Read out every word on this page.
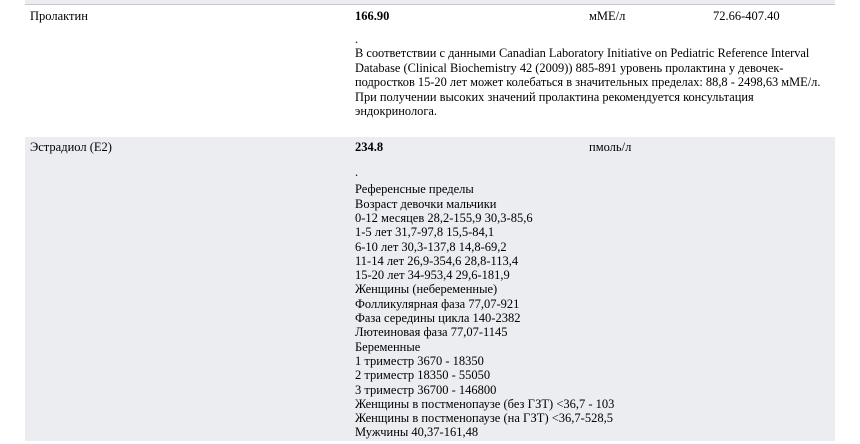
Пролактин	166.90	мМЕ/л	72.66-407.40
.
В соответствии с данными Canadian Laboratory Initiative on Pediatric Reference Interval
Database (Clinical Biochemistry 42 (2009)) 885-891 уровень пролактина у девочек-
подростков 15-20 лет может колебаться в значительных пределах: 88,8 - 2498,63 мМЕ/л.
При получении высоких значений пролактина рекомендуется консультация
эндокринолога.
Эстрадиол (Е2)	234.8	пмоль/л
.
Референсные пределы
Возраст девочки мальчики
0-12 месяцев 28,2-155,9 30,3-85,6
1-5 лет 31,7-97,8 15,5-84,1
6-10 лет 30,3-137,8 14,8-69,2
11-14 лет 26,9-354,6 28,8-113,4
15-20 лет 34-953,4 29,6-181,9
Женщины (небеременные)
Фолликулярная фаза 77,07-921
Фаза середины цикла 140-2382
Лютеиновая фаза 77,07-1145
Беременные
1 триместр 3670 - 18350
2 триместр 18350 - 55050
3 триместр 36700 - 146800
Женщины в постменопаузе (без ГЗТ) <36,7 - 103
Женщины в постменопаузе (на ГЗТ) <36,7-528,5
Мужчины 40,37-161,48
